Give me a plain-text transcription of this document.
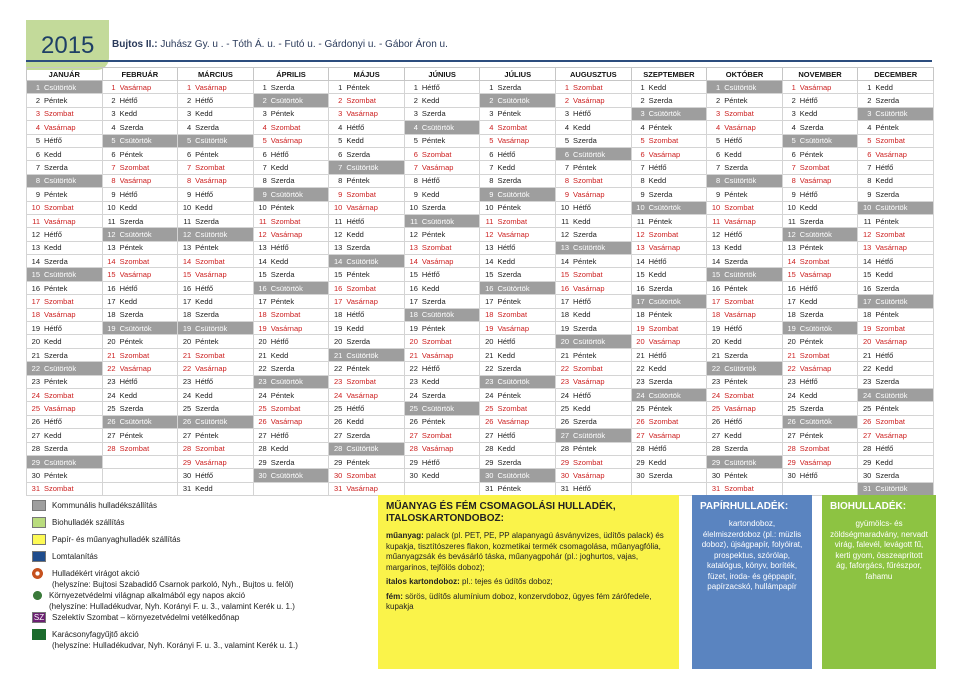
2015	Bujtos II.: Juhász Gy. u . - Tóth Á. u. - Futó u. - Gárdonyi u. - Gábor Áron u.
JANUÁR	FEBRUÁR	MÁRCIUS	ÁPRILIS	MÁJUS	JÚNIUS	JÚLIUS	AUGUSZTUS	SZEPTEMBER	OKTÓBER	NOVEMBER	DECEMBER

1 Csütörtök	1 Vasárnap	1 Vasárnap	1 Szerda	1 Péntek	1 Hétfő	1 Szerda	1 Szombat	1 Kedd	1 Csütörtök	1 Vasárnap	1 Kedd

2 Péntek	2 Hétfő	2 Hétfő	2 Csütörtök	2 Szombat	2 Kedd	2 Csütörtök	2 Vasárnap	2 Szerda	2 Péntek	2 Hétfő	2 Szerda

3 Szombat	3 Kedd	3 Kedd	3 Péntek	3 Vasárnap	3 Szerda	3 Péntek	3 Hétfő	3 Csütörtök	3 Szombat	3 Kedd	3 Csütörtök

4 Vasárnap	4 Szerda	4 Szerda	4 Szombat	4 Hétfő	4 Csütörtök	4 Szombat	4 Kedd	4 Péntek	4 Vasárnap	4 Szerda	4 Péntek

5 Hétfő	5 Csütörtök	5 Csütörtök	5 Vasárnap	5 Kedd	5 Péntek	5 Vasárnap	5 Szerda	5 Szombat	5 Hétfő	5 Csütörtök	5 Szombat

6 Kedd	6 Péntek	6 Péntek	6 Hétfő	6 Szerda	6 Szombat	6 Hétfő	6 Csütörtök	6 Vasárnap	6 Kedd	6 Péntek	6 Vasárnap

7 Szerda	7 Szombat	7 Szombat	7 Kedd	7 Csütörtök	7 Vasárnap	7 Kedd	7 Péntek	7 Hétfő	7 Szerda	7 Szombat	7 Hétfő

8 Csütörtök	8 Vasárnap	8 Vasárnap	8 Szerda	8 Péntek	8 Hétfő	8 Szerda	8 Szombat	8 Kedd	8 Csütörtök	8 Vasárnap	8 Kedd

9 Péntek	9 Hétfő	9 Hétfő	9 Csütörtök	9 Szombat	9 Kedd	9 Csütörtök	9 Vasárnap	9 Szerda	9 Péntek	9 Hétfő	9 Szerda

10 Szombat	10 Kedd	10 Kedd	10 Péntek	10 Vasárnap	10 Szerda	10 Péntek	10 Hétfő	10 Csütörtök	10 Szombat	10 Kedd	10 Csütörtök

11 Vasárnap	11 Szerda	11 Szerda	11 Szombat	11 Hétfő	11 Csütörtök	11 Szombat	11 Kedd	11 Péntek	11 Vasárnap	11 Szerda	11 Péntek

12 Hétfő	12 Csütörtök	12 Csütörtök	12 Vasárnap	12 Kedd	12 Péntek	12 Vasárnap	12 Szerda	12 Szombat	12 Hétfő	12 Csütörtök	12 Szombat

13 Kedd	13 Péntek	13 Péntek	13 Hétfő	13 Szerda	13 Szombat	13 Hétfő	13 Csütörtök	13 Vasárnap	13 Kedd	13 Péntek	13 Vasárnap

14 Szerda	14 Szombat	14 Szombat	14 Kedd	14 Csütörtök	14 Vasárnap	14 Kedd	14 Péntek	14 Hétfő	14 Szerda	14 Szombat	14 Hétfő

15 Csütörtök	15 Vasárnap	15 Vasárnap	15 Szerda	15 Péntek	15 Hétfő	15 Szerda	15 Szombat	15 Kedd	15 Csütörtök	15 Vasárnap	15 Kedd

16 Péntek	16 Hétfő	16 Hétfő	16 Csütörtök	16 Szombat	16 Kedd	16 Csütörtök	16 Vasárnap	16 Szerda	16 Péntek	16 Hétfő	16 Szerda

17 Szombat	17 Kedd	17 Kedd	17 Péntek	17 Vasárnap	17 Szerda	17 Péntek	17 Hétfő	17 Csütörtök	17 Szombat	17 Kedd	17 Csütörtök

18 Vasárnap	18 Szerda	18 Szerda	18 Szombat	18 Hétfő	18 Csütörtök	18 Szombat	18 Kedd	18 Péntek	18 Vasárnap	18 Szerda	18 Péntek

19 Hétfő	19 Csütörtök	19 Csütörtök	19 Vasárnap	19 Kedd	19 Péntek	19 Vasárnap	19 Szerda	19 Szombat	19 Hétfő	19 Csütörtök	19 Szombat

20 Kedd	20 Péntek	20 Péntek	20 Hétfő	20 Szerda	20 Szombat	20 Hétfő	20 Csütörtök	20 Vasárnap	20 Kedd	20 Péntek	20 Vasárnap

21 Szerda	21 Szombat	21 Szombat	21 Kedd	21 Csütörtök	21 Vasárnap	21 Kedd	21 Péntek	21 Hétfő	21 Szerda	21 Szombat	21 Hétfő

22 Csütörtök	22 Vasárnap	22 Vasárnap	22 Szerda	22 Péntek	22 Hétfő	22 Szerda	22 Szombat	22 Kedd	22 Csütörtök	22 Vasárnap	22 Kedd

23 Péntek	23 Hétfő	23 Hétfő	23 Csütörtök	23 Szombat	23 Kedd	23 Csütörtök	23 Vasárnap	23 Szerda	23 Péntek	23 Hétfő	23 Szerda

24 Szombat	24 Kedd	24 Kedd	24 Péntek	24 Vasárnap	24 Szerda	24 Péntek	24 Hétfő	24 Csütörtök	24 Szombat	24 Kedd	24 Csütörtök

25 Vasárnap	25 Szerda	25 Szerda	25 Szombat	25 Hétfő	25 Csütörtök	25 Szombat	25 Kedd	25 Péntek	25 Vasárnap	25 Szerda	25 Péntek

26 Hétfő	26 Csütörtök	26 Csütörtök	26 Vasárnap	26 Kedd	26 Péntek	26 Vasárnap	26 Szerda	26 Szombat	26 Hétfő	26 Csütörtök	26 Szombat

27 Kedd	27 Péntek	27 Péntek	27 Hétfő	27 Szerda	27 Szombat	27 Hétfő	27 Csütörtök	27 Vasárnap	27 Kedd	27 Péntek	27 Vasárnap

28 Szerda	28 Szombat	28 Szombat	28 Kedd	28 Csütörtök	28 Vasárnap	28 Kedd	28 Péntek	28 Hétfő	28 Szerda	28 Szombat	28 Hétfő

29 Csütörtök		29 Vasárnap	29 Szerda	29 Péntek	29 Hétfő	29 Szerda	29 Szombat	29 Kedd	29 Csütörtök	29 Vasárnap	29 Kedd

30 Péntek		30 Hétfő	30 Csütörtök	30 Szombat	30 Kedd	30 Csütörtök	30 Vasárnap	30 Szerda	30 Péntek	30 Hétfő	30 Szerda

31 Szombat		31 Kedd		31 Vasárnap		31 Péntek	31 Hétfő		31 Szombat		31 Csütörtök
Kommunális hulladékszállítás
Biohulladék szállítás
Papír- és műanyaghulladék szállítás
Lomtalanítás
Hulladékért virágot akció
(helyszíne: Bujtosi Szabadidő Csarnok parkoló, Nyh., Bujtos u. felöl)
Környezetvédelmi világnap alkalmából egy napos akció
(helyszíne: Hulladékudvar, Nyh. Korányi F. u. 3., valamint Kerék u. 1.)
SZ Szelektív Szombat – környezetvédelmi vetélkedőnap
Karácsonyfagyűjtő akció
(helyszíne: Hulladékudvar, Nyh. Korányi F. u. 3., valamint Kerék u. 1.)
MŰANYAG ÉS FÉM CSOMAGOLÁSI HULLADÉK, ITALOSKARTONDOBOZ:

műanyag: palack (pl. PET, PE, PP alapanyagú ásványvizes, üdítős palack) és kupakja, tisztítószeres flakon, kozmetikai termék csomagolása, műanyagfólia, műanyagzsák és bevásárló táska, műanyagpohár (pl.: joghurtos, vajas, margarinos, tejfölös doboz);

italos kartondoboz: pl.: tejes és üdítős doboz;

fém: sörös, üdítős alumínium doboz, konzervdoboz, ügyes fém zárófedele, kupakja

PAPÍRHULLADÉK:

kartondoboz, élelmiszerdoboz (pl.: müzlis doboz), újságpapír, folyóirat, prospektus, szórólap, katalógus, könyv, boríték, füzet, iroda- és géppapír, papírzacskó, hullámpapír

BIOHULLADÉK:

gyümölcs- és zöldségmaradvány, nervadt virág, falevél, levágott fű, kerti gyom, összeaprított ág, faforgács, fűrészpor, fahamu
